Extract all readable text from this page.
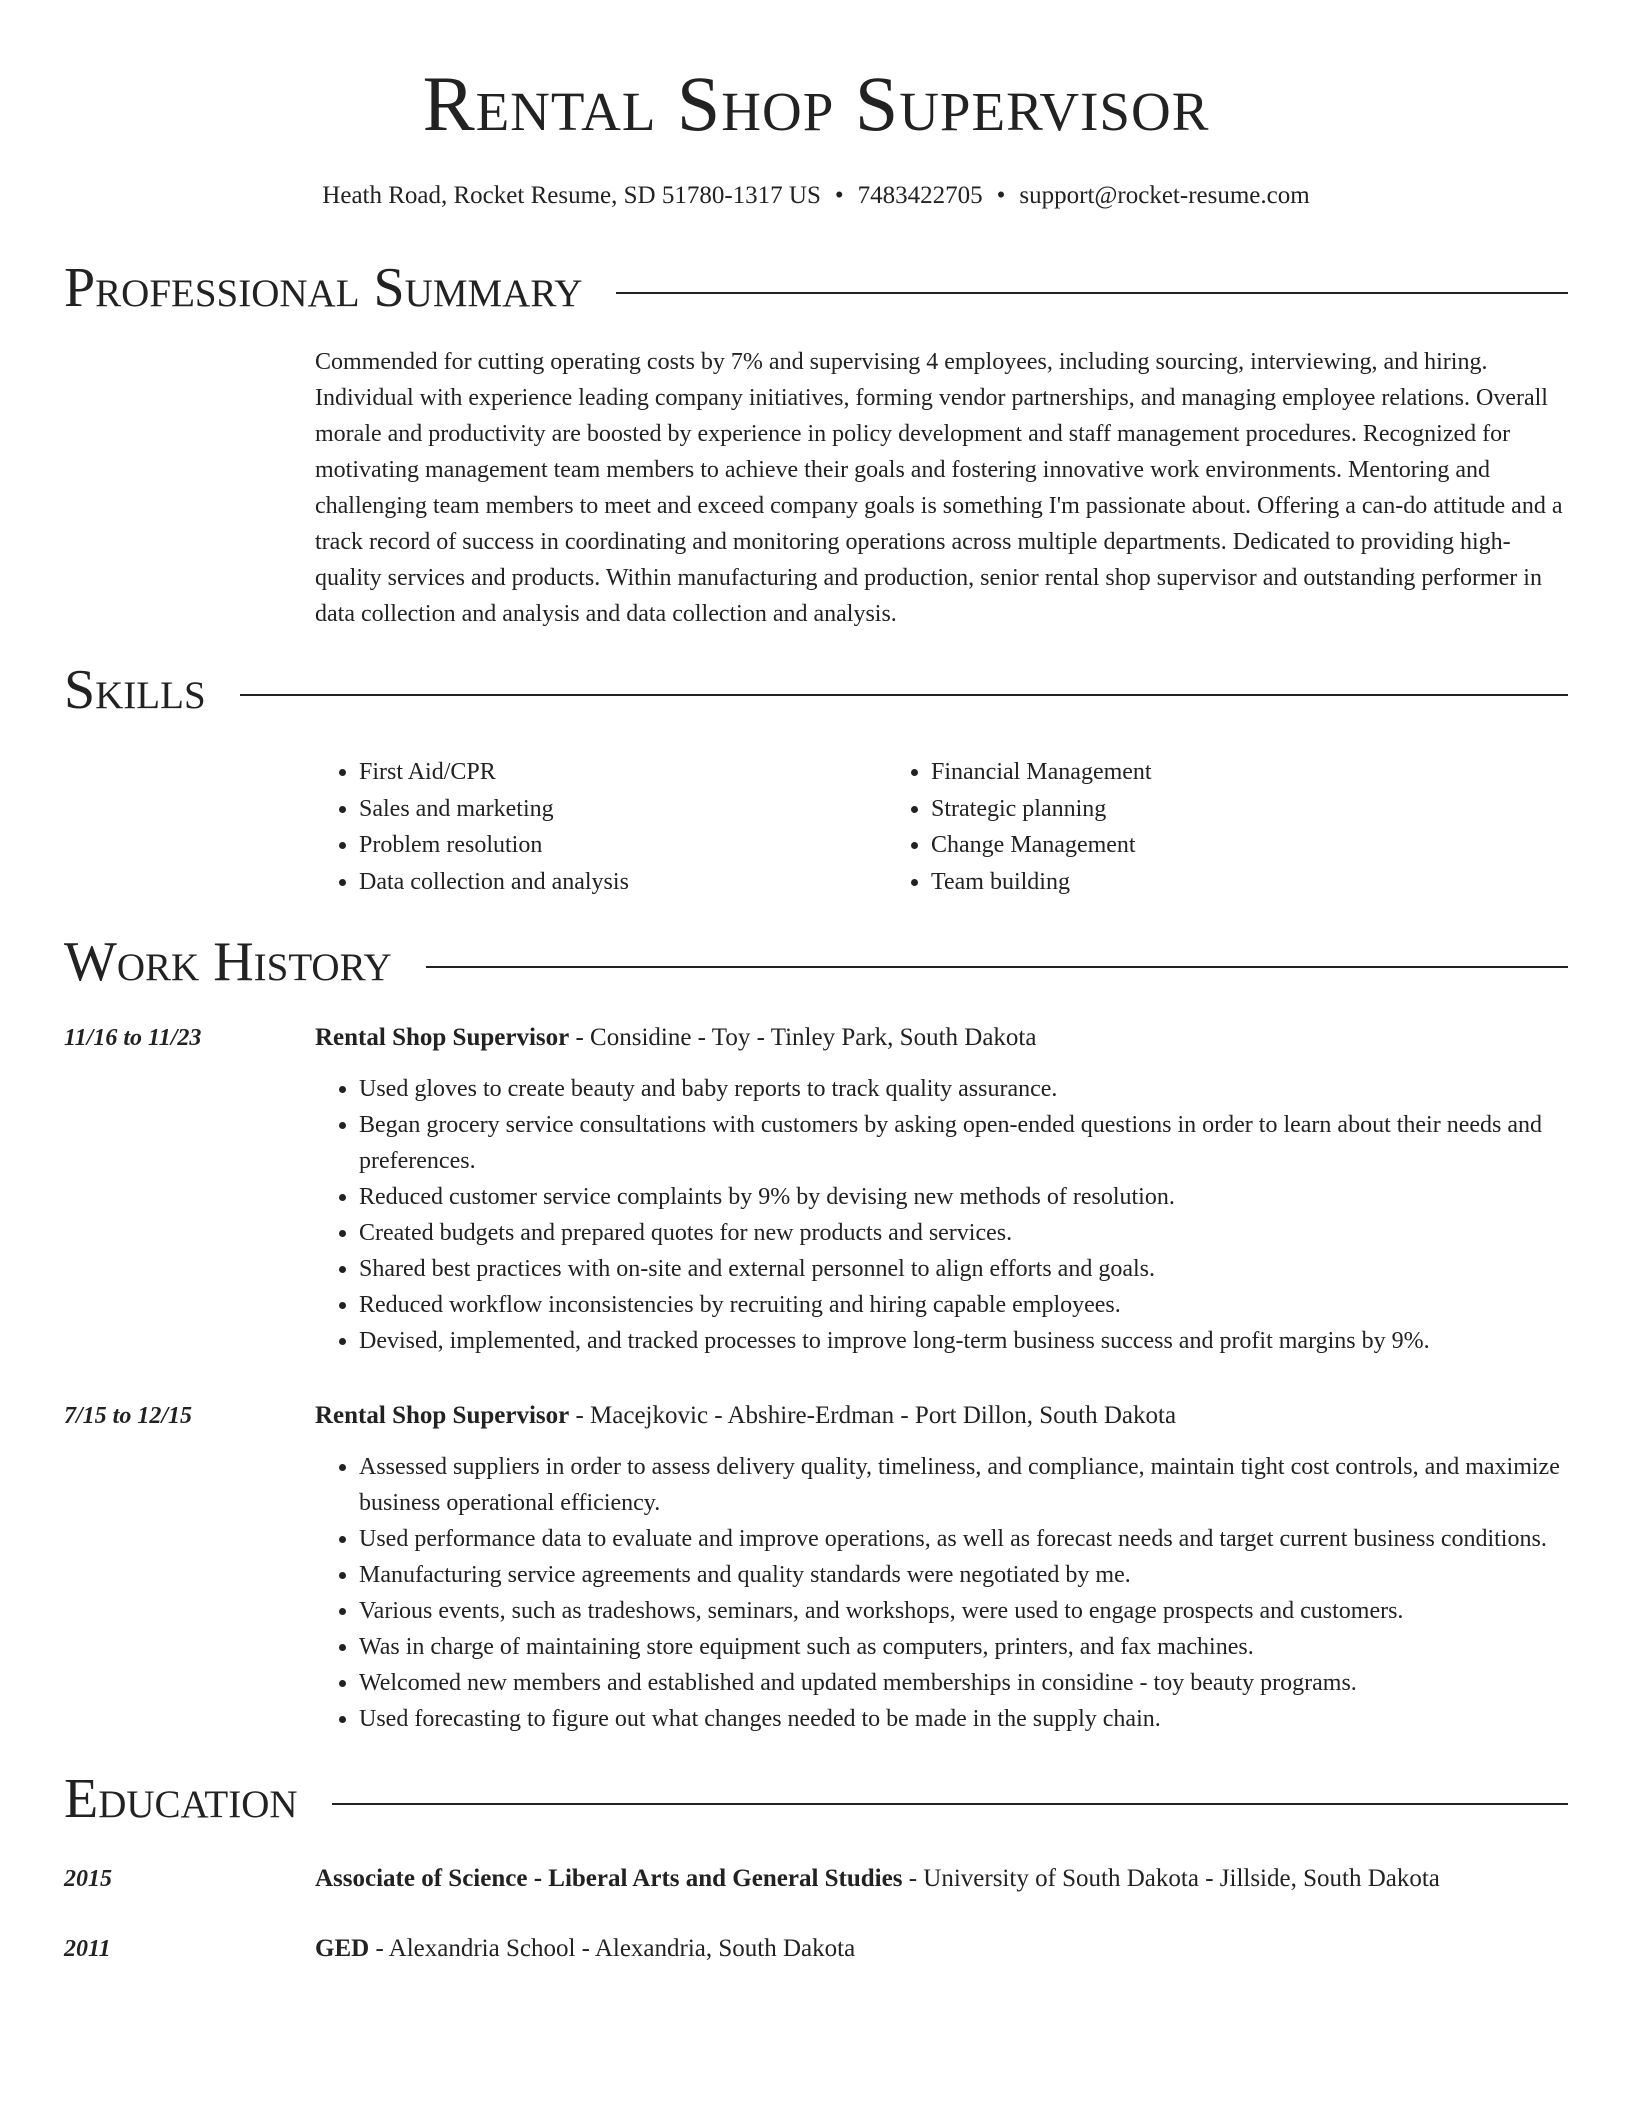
Rental Shop Supervisor
Heath Road, Rocket Resume, SD 51780-1317 US • 7483422705 • support@rocket-resume.com
Professional Summary
Commended for cutting operating costs by 7% and supervising 4 employees, including sourcing, interviewing, and hiring. Individual with experience leading company initiatives, forming vendor partnerships, and managing employee relations. Overall morale and productivity are boosted by experience in policy development and staff management procedures. Recognized for motivating management team members to achieve their goals and fostering innovative work environments. Mentoring and challenging team members to meet and exceed company goals is something I'm passionate about. Offering a can-do attitude and a track record of success in coordinating and monitoring operations across multiple departments. Dedicated to providing high-quality services and products. Within manufacturing and production, senior rental shop supervisor and outstanding performer in data collection and analysis and data collection and analysis.
Skills
• First Aid/CPR
• Sales and marketing
• Problem resolution
• Data collection and analysis
• Financial Management
• Strategic planning
• Change Management
• Team building
Work History
11/16 to 11/23	Rental Shop Supervisor - Considine - Toy - Tinley Park, South Dakota
• Used gloves to create beauty and baby reports to track quality assurance.
• Began grocery service consultations with customers by asking open-ended questions in order to learn about their needs and preferences.
• Reduced customer service complaints by 9% by devising new methods of resolution.
• Created budgets and prepared quotes for new products and services.
• Shared best practices with on-site and external personnel to align efforts and goals.
• Reduced workflow inconsistencies by recruiting and hiring capable employees.
• Devised, implemented, and tracked processes to improve long-term business success and profit margins by 9%.
7/15 to 12/15	Rental Shop Supervisor - Macejkovic - Abshire-Erdman - Port Dillon, South Dakota
• Assessed suppliers in order to assess delivery quality, timeliness, and compliance, maintain tight cost controls, and maximize business operational efficiency.
• Used performance data to evaluate and improve operations, as well as forecast needs and target current business conditions.
• Manufacturing service agreements and quality standards were negotiated by me.
• Various events, such as tradeshows, seminars, and workshops, were used to engage prospects and customers.
• Was in charge of maintaining store equipment such as computers, printers, and fax machines.
• Welcomed new members and established and updated memberships in considine - toy beauty programs.
• Used forecasting to figure out what changes needed to be made in the supply chain.
Education
2015	Associate of Science - Liberal Arts and General Studies - University of South Dakota - Jillside, South Dakota
2011	GED - Alexandria School - Alexandria, South Dakota
